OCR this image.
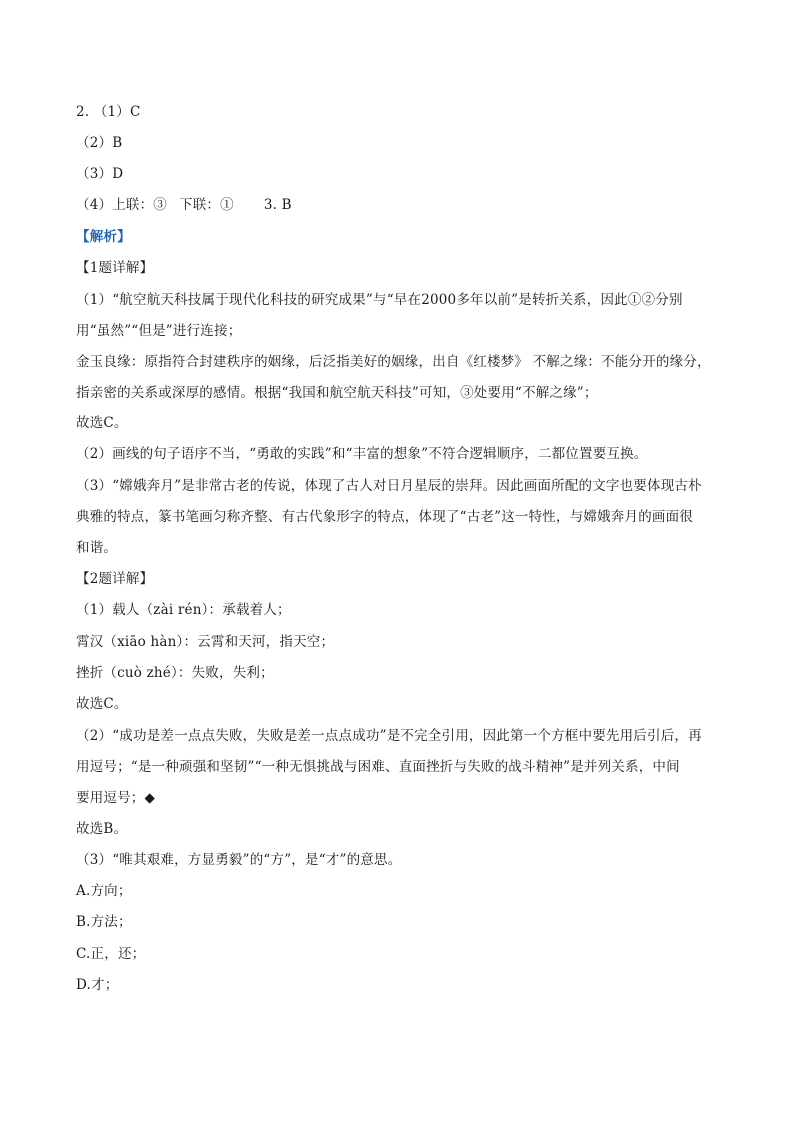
2. （1）C
（2）B
（3）D
（4）上联：③ 下联：① 3. B
【解析】
【1题详解】
（1）“航空航天科技属于现代化科技的研究成果”与“早在2000多年以前”是转折关系，因此①②分别
用“虽然”“但是”进行连接；
金玉良缘：原指符合封建秩序的姻缘，后泛指美好的姻缘，出自《红楼梦》 不解之缘：不能分开的缘分，
指亲密的关系或深厚的感情。根据“我国和航空航天科技”可知，③处要用“不解之缘”；
故选C。
（2）画线的句子语序不当，“勇敢的实践”和“丰富的想象”不符合逻辑顺序，二都位置要互换。
（3）“嫦娥奔月”是非常古老的传说，体现了古人对日月星辰的崇拜。因此画面所配的文字也要体现古朴
典雅的特点，篆书笔画匀称齐整、有古代象形字的特点，体现了“古老”这一特性，与嫦娥奔月的画面很
和谐。
【2题详解】
（1）载人（zài rén）：承载着人；
霄汉（xiāo hàn）：云霄和天河，指天空；
挫折（cuò zhé）：失败，失利；
故选C。
（2）“成功是差一点点失败，失败是差一点点成功”是不完全引用，因此第一个方框中要先用后引后，再
用逗号；“是一种顽强和坚韧”“一种无惧挑战与困难、直面挫折与失败的战斗精神”是并列关系，中间
要用逗号；◆
故选B。
（3）“唯其艰难，方显勇毅”的“方”，是“才”的意思。
A.方向；
B.方法；
C.正，还；
D.才；
